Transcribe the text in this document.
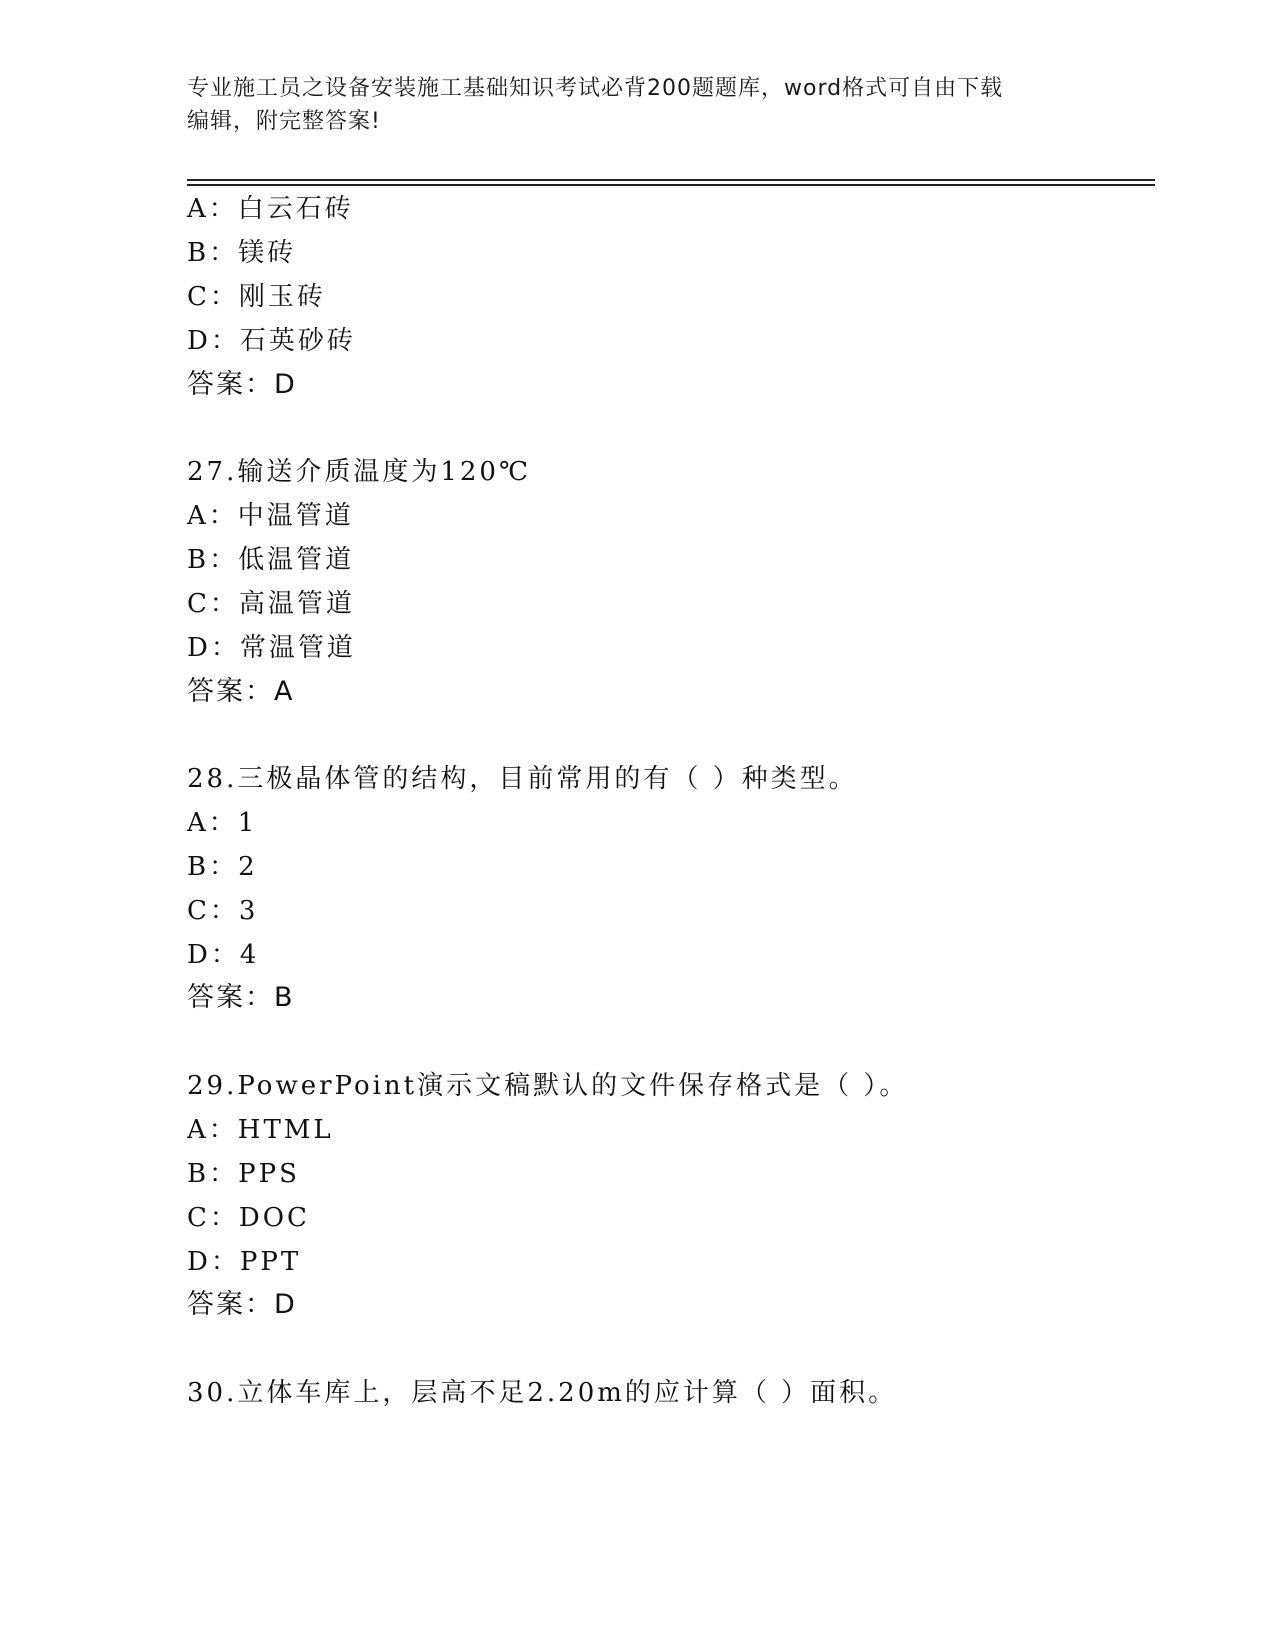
专业施工员之设备安装施工基础知识考试必背200题题库，word格式可自由下载
编辑，附完整答案!
A：白云石砖
B：镁砖
C：刚玉砖
D：石英砂砖
答案：D
27.输送介质温度为120℃
A：中温管道
B：低温管道
C：高温管道
D：常温管道
答案：A
28.三极晶体管的结构，目前常用的有（ ）种类型。
A：1
B：2
C：3
D：4
答案：B
29.PowerPoint演示文稿默认的文件保存格式是（ ）。
A：HTML
B：PPS
C：DOC
D：PPT
答案：D
30.立体车库上，层高不足2.20m的应计算（ ）面积。
